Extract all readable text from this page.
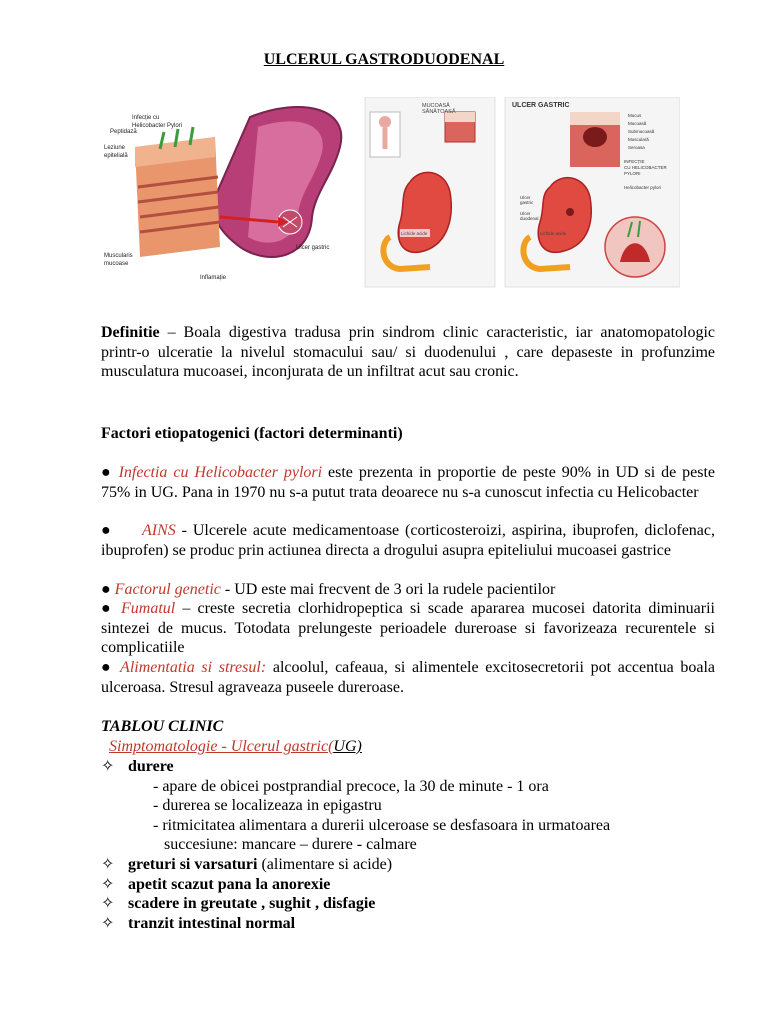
ULCERUL GASTRODUODENAL
Infecție cu
Helicobacter Pylori
Peptidază
Leziune
epitelială
Muscularis
mucoase
Inflamație
Ulcer gastric
MUCOASĂ
SĂNĂTOASĂ
Lichide acide
ULCER GASTRIC
Mucus
Mucoasă
Submucoasă
Musculară
Seroasa
INFECȚIE
CU HELICOBACTER
PYLORI
Helicobacter pylori
Ulcer
gastric
Ulcer
duodenal
Lichide acide
Definitie – Boala digestiva tradusa prin sindrom clinic caracteristic, iar anatomopatologic printr-o ulceratie la nivelul stomacului sau/ si duodenului , care depaseste in profunzime musculatura mucoasei, inconjurata de un infiltrat acut sau cronic.
Factori etiopatogenici (factori determinanti)
● Infectia cu Helicobacter pylori este prezenta in proportie de peste 90% in UD si de peste 75% in UG. Pana in 1970 nu s-a putut trata deoarece nu s-a cunoscut infectia cu Helicobacter
● AINS - Ulcerele acute medicamentoase (corticosteroizi, aspirina, ibuprofen, diclofenac, ibuprofen) se produc prin actiunea directa a drogului asupra epiteliului mucoasei gastrice
● Factorul genetic - UD este mai frecvent de 3 ori la rudele pacientilor
● Fumatul – creste secretia clorhidropeptica si scade apararea mucosei datorita diminuarii sintezei de mucus. Totodata prelungeste perioadele dureroase si favorizeaza recurentele si complicatiile
● Alimentatia si stresul: alcoolul, cafeaua, si alimentele excitosecretorii pot accentua boala ulceroasa. Stresul agraveaza puseele dureroase.
TABLOU CLINIC
Simptomatologie - Ulcerul gastric(UG)
✧ durere
- apare de obicei postprandial precoce, la 30 de minute - 1 ora
- durerea se localizeaza in epigastru
- ritmicitatea alimentara a durerii ulceroase se desfasoara in urmatoarea
succesiune: mancare – durere - calmare
✧ greturi si varsaturi (alimentare si acide)
✧ apetit scazut pana la anorexie
✧ scadere in greutate , sughit , disfagie
✧ tranzit intestinal normal
